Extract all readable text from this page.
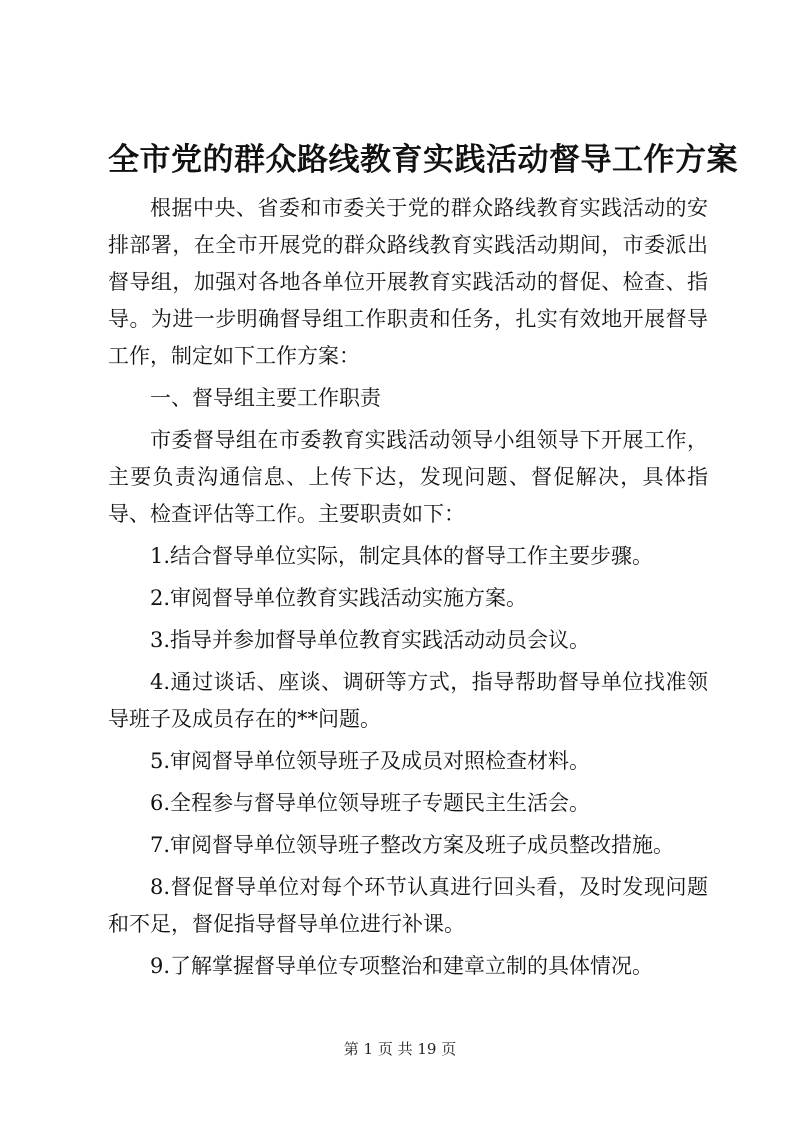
全市党的群众路线教育实践活动督导工作方案

根据中央、省委和市委关于党的群众路线教育实践活动的安排部署，在全市开展党的群众路线教育实践活动期间，市委派出督导组，加强对各地各单位开展教育实践活动的督促、检查、指导。为进一步明确督导组工作职责和任务，扎实有效地开展督导工作，制定如下工作方案：

一、督导组主要工作职责

市委督导组在市委教育实践活动领导小组领导下开展工作，主要负责沟通信息、上传下达，发现问题、督促解决，具体指导、检查评估等工作。主要职责如下：

1.结合督导单位实际，制定具体的督导工作主要步骤。

2.审阅督导单位教育实践活动实施方案。

3.指导并参加督导单位教育实践活动动员会议。

4.通过谈话、座谈、调研等方式，指导帮助督导单位找准领导班子及成员存在的**问题。

5.审阅督导单位领导班子及成员对照检查材料。

6.全程参与督导单位领导班子专题民主生活会。

7.审阅督导单位领导班子整改方案及班子成员整改措施。

8.督促督导单位对每个环节认真进行回头看，及时发现问题和不足，督促指导督导单位进行补课。

9.了解掌握督导单位专项整治和建章立制的具体情况。

第 1 页 共 19 页
